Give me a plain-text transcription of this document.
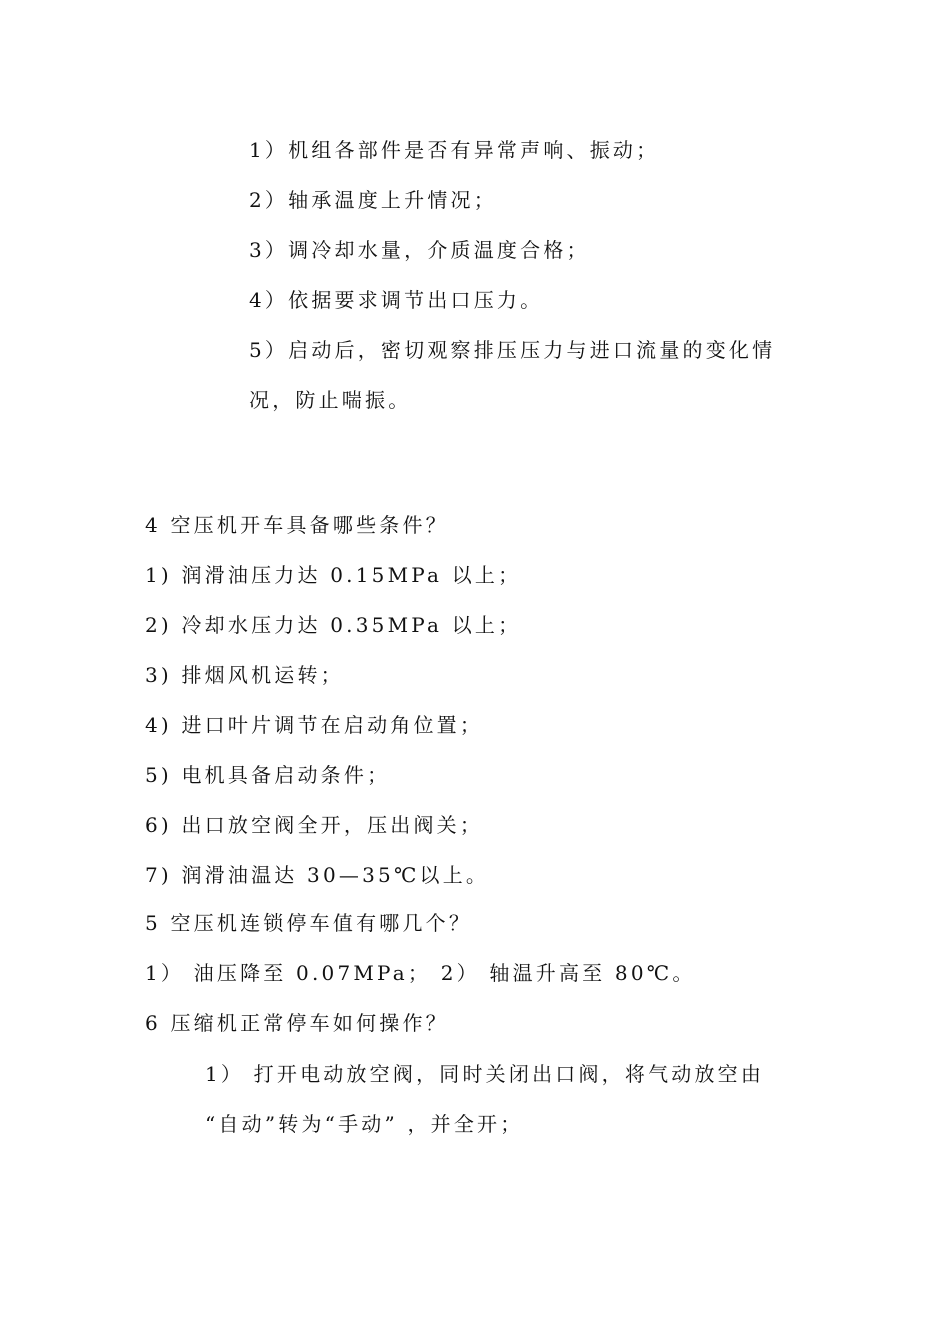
1）机组各部件是否有异常声响、振动；
2）轴承温度上升情况；
3）调冷却水量，介质温度合格；
4）依据要求调节出口压力。
5）启动后，密切观察排压压力与进口流量的变化情
况，防止喘振。
4 空压机开车具备哪些条件？
1) 润滑油压力达 0.15MPa 以上；
2) 冷却水压力达 0.35MPa 以上；
3) 排烟风机运转；
4) 进口叶片调节在启动角位置；
5) 电机具备启动条件；
6) 出口放空阀全开，压出阀关；
7) 润滑油温达 30—35℃以上。
5 空压机连锁停车值有哪几个？
1） 油压降至 0.07MPa； 2） 轴温升高至 80℃。
6 压缩机正常停车如何操作？
1） 打开电动放空阀，同时关闭出口阀，将气动放空由
“自动”转为“手动” ，并全开；
